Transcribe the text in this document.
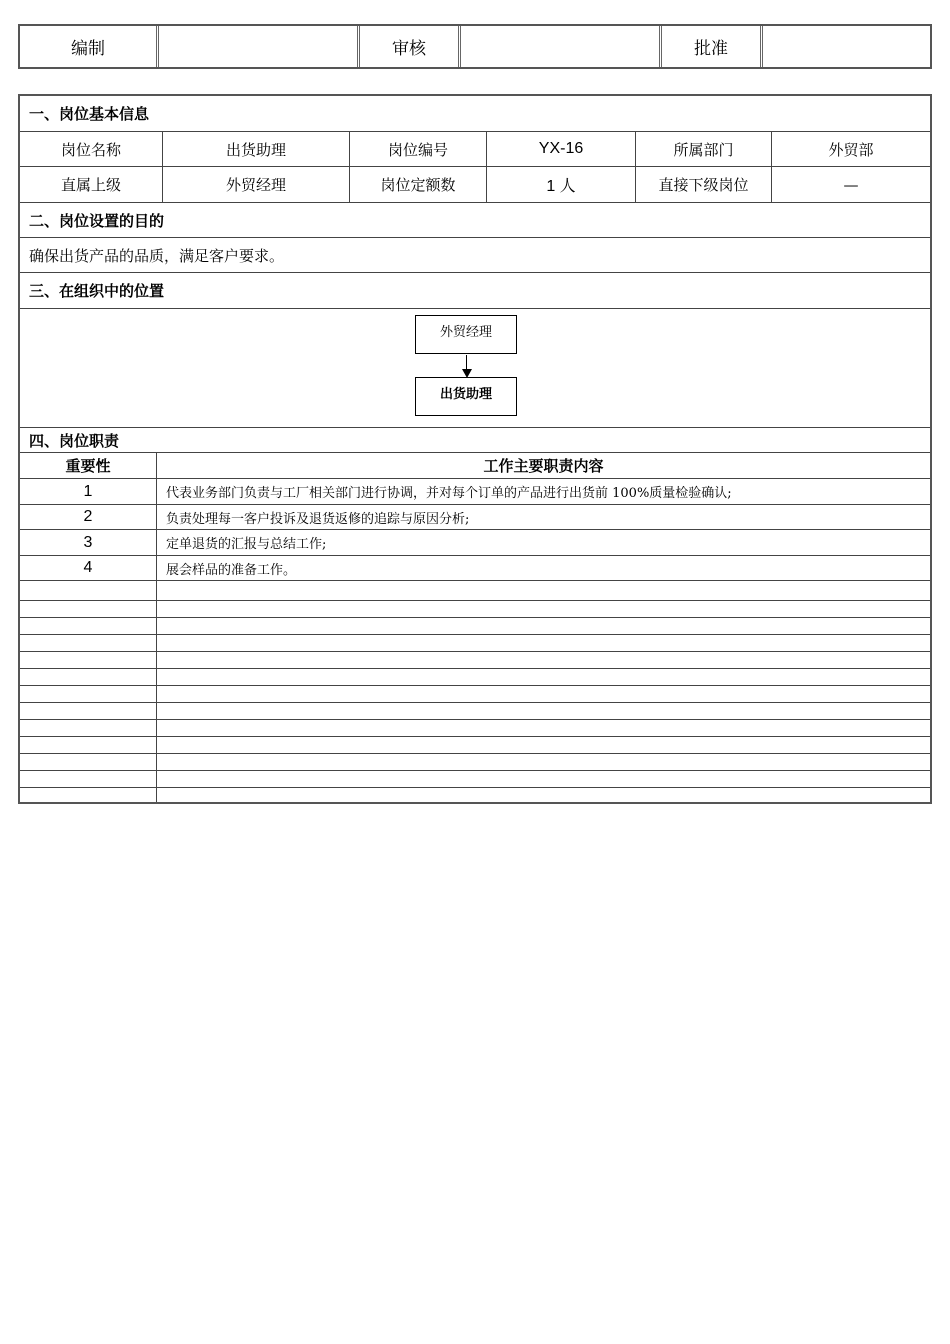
编制	审核	批准
一、岗位基本信息
岗位名称	出货助理	岗位编号	YX-16	所属部门	外贸部
直属上级	外贸经理	岗位定额数	1 人	直接下级岗位	—
二、岗位设置的目的
确保出货产品的品质，满足客户要求。
三、在组织中的位置
外贸经理
出货助理
四、岗位职责
重要性	工作主要职责内容
1	代表业务部门负责与工厂相关部门进行协调，并对每个订单的产品进行出货前 100%质量检验确认;
2	负责处理每一客户投诉及退货返修的追踪与原因分析;
3	定单退货的汇报与总结工作;
4	展会样品的准备工作。
